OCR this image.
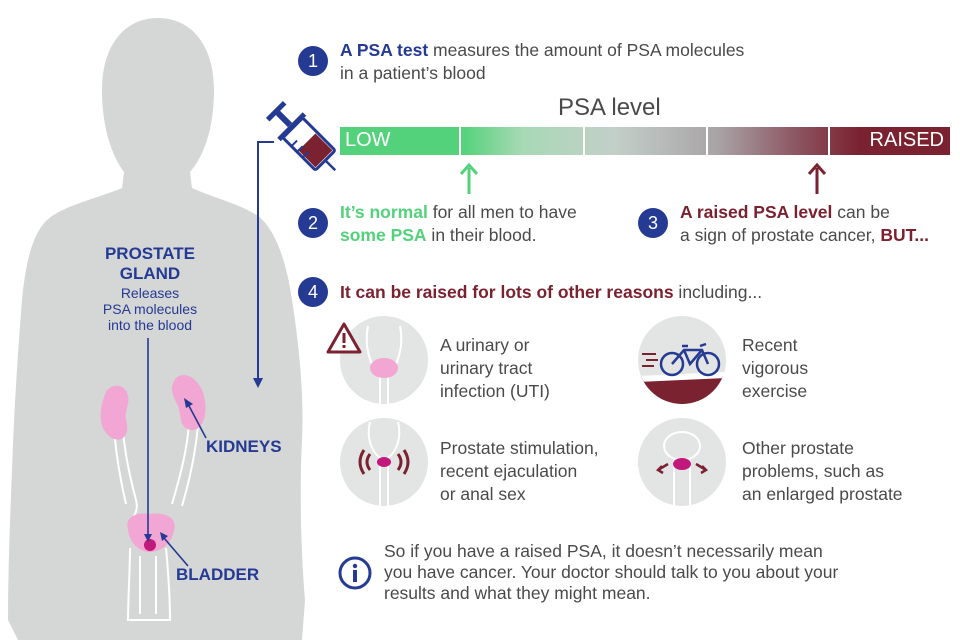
PROSTATE
GLAND
Releases
PSA molecules
into the blood
KIDNEYS
BLADDER
1
A PSA test measures the amount of PSA molecules
in a patient’s blood
PSA level
LOW	RAISED
2
It’s normal for all men to have
some PSA in their blood.
3
A raised PSA level can be
a sign of prostate cancer, BUT...
4	It can be raised for lots of other reasons including...
A urinary or
urinary tract
infection (UTI)
Recent
vigorous
exercise
Prostate stimulation,
recent ejaculation
or anal sex
Other prostate
problems, such as
an enlarged prostate
So if you have a raised PSA, it doesn’t necessarily mean
you have cancer. Your doctor should talk to you about your
results and what they might mean.
